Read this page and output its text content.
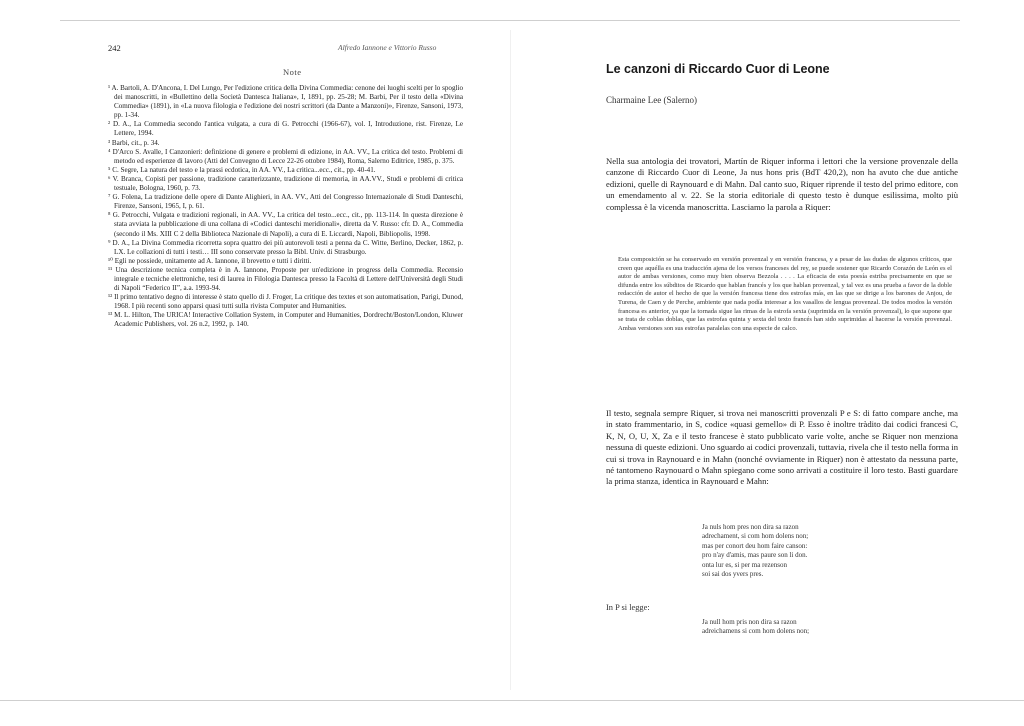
242	Alfredo Iannone e Vittorio Russo
Note
¹ A. Bartoli, A. D'Ancona, I. Del Lungo, Per l'edizione critica della Divina Commedia: cenone dei luoghi scelti per lo spoglio dei manoscritti, in «Bullettino della Società Dantesca Italiana», I, 1891, pp. 25-28; M. Barbi, Per il testo della «Divina Commedia» (1891), in «La nuova filologia e l'edizione dei nostri scrittori (da Dante a Manzoni)», Firenze, Sansoni, 1973, pp. 1-34.
² D. A., La Commedia secondo l'antica vulgata, a cura di G. Petrocchi (1966-67), vol. I, Introduzione, rist. Firenze, Le Lettere, 1994.
³ Barbi, cit., p. 34.
⁴ D'Arco S. Avalle, I Canzonieri: definizione di genere e problemi di edizione, in AA. VV., La critica del testo. Problemi di metodo ed esperienze di lavoro (Atti del Convegno di Lecce 22-26 ottobre 1984), Roma, Salerno Editrice, 1985, p. 375.
⁵ C. Segre, La natura del testo e la prassi ecdotica, in AA. VV., La critica...ecc., cit., pp. 40-41.
⁶ V. Branca, Copisti per passione, tradizione caratterizzante, tradizione di memoria, in AA.VV., Studi e problemi di critica testuale, Bologna, 1960, p. 73.
⁷ G. Folena, La tradizione delle opere di Dante Alighieri, in AA. VV., Atti del Congresso Internazionale di Studi Danteschi, Firenze, Sansoni, 1965, I, p. 61.
⁸ G. Petrocchi, Vulgata e tradizioni regionali, in AA. VV., La critica del testo...ecc., cit., pp. 113-114. In questa direzione è stata avviata la pubblicazione di una collana di «Codici danteschi meridionali», diretta da V. Russo: cfr. D. A., Commedia (secondo il Ms. XIII C 2 della Biblioteca Nazionale di Napoli), a cura di E. Liccardi, Napoli, Bibliopolis, 1998.
⁹ D. A., La Divina Commedia ricorretta sopra quattro dei più autorevoli testi a penna da C. Witte, Berlino, Decker, 1862, p. LX. Le collazioni di tutti i testi… III sono conservate presso la Bibl. Univ. di Strasburgo.
¹⁰ Egli ne possiede, unitamente ad A. Iannone, il brevetto e tutti i diritti.
¹¹ Una descrizione tecnica completa è in A. Iannone, Proposte per un'edizione in progress della Commedia. Recensio integrale e tecniche elettroniche, tesi di laurea in Filologia Dantesca presso la Facoltà di Lettere dell'Università degli Studi di Napoli “Federico II”, a.a. 1993-94.
¹² Il primo tentativo degno di interesse è stato quello di J. Froger, La critique des textes et son automatisation, Parigi, Dunod, 1968. I più recenti sono apparsi quasi tutti sulla rivista Computer and Humanities.
¹³ M. L. Hilton, The URICA! Interactive Collation System, in Computer and Humanities, Dordrecht/Boston/London, Kluwer Academic Publishers, vol. 26 n.2, 1992, p. 140.
Le canzoni di Riccardo Cuor di Leone

Charmaine Lee (Salerno)

Nella sua antologia dei trovatori, Martín de Riquer informa i lettori che la versione provenzale della canzone di Riccardo Cuor di Leone, Ja nus hons pris (BdT 420,2), non ha avuto che due antiche edizioni, quelle di Raynouard e di Mahn. Dal canto suo, Riquer riprende il testo del primo editore, con un emendamento al v. 22. Se la storia editoriale di questo testo è dunque esilissima, molto più complessa è la vicenda manoscritta. Lasciamo la parola a Riquer:

Esta composición se ha conservado en versión provenzal y en versión francesa, y a pesar de las dudas de algunos críticos, que creen que aquélla es una traducción ajena de los versos franceses del rey, se puede sostener que Ricardo Corazón de León es el autor de ambas versiones, como muy bien observa Bezzola . . . . La eficacia de esta poesía estriba precisamente en que se difunda entre los súbditos de Ricardo que hablan francés y los que hablan provenzal, y tal vez es una prueba a favor de la doble redacción de autor el hecho de que la versión francesa tiene dos estrofas más, en las que se dirige a los barones de Anjou, de Turena, de Caen y de Perche, ambiente que nada podía interesar a los vasallos de lengua provenzal. De todos modos la versión francesa es anterior, ya que la tornada sigue las rimas de la estrofa sexta (suprimida en la versión provenzal), lo que supone que se trata de coblas doblas, que las estrofas quinta y sexta del texto francés han sido suprimidas al hacerse la versión provenzal. Ambas versiones son sus estrofas paralelas con una especie de calco.

Il testo, segnala sempre Riquer, si trova nei manoscritti provenzali P e S: di fatto compare anche, ma in stato frammentario, in S, codice «quasi gemello» di P. Esso è inoltre tràdito dai codici francesi C, K, N, O, U, X, Za e il testo francese è stato pubblicato varie volte, anche se Riquer non menziona nessuna di queste edizioni. Uno sguardo ai codici provenzali, tuttavia, rivela che il testo nella forma in cui si trova in Raynouard e in Mahn (nonché ovviamente in Riquer) non è attestato da nessuna parte, né tantomeno Raynouard o Mahn spiegano come sono arrivati a costituire il loro testo. Basti guardare la prima stanza, identica in Raynouard e Mahn:

Ja nuls hom pres non dira sa razon
adrechament, si com hom dolens non;
mas per conort deu hom faire canson:
pro n'ay d'amis, mas paure son li don.
onta lur es, si per ma rezenson
soi sai dos yvers pres.

In P si legge:

Ja null hom pris non dira sa razon
adreichamens si com hom dolens non;
